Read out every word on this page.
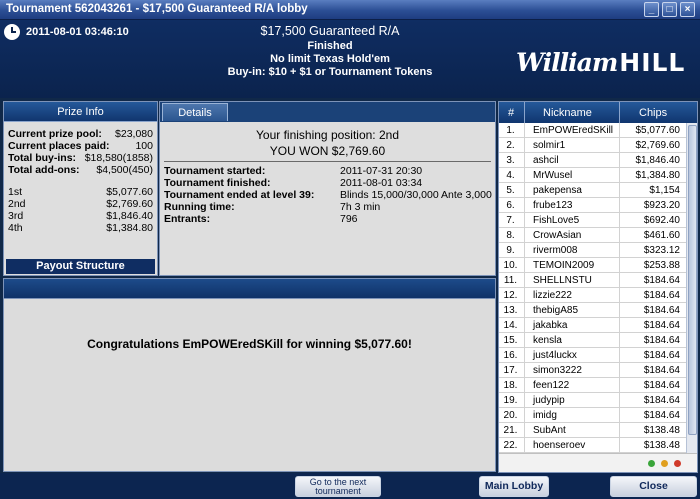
Tournament 562043261 - $17,500 Guaranteed R/A lobby	_	□	×
2011-08-01 03:46:10	$17,500 Guaranteed R/A
Finished
No limit Texas Hold'em
Buy-in: $10 + $1 or Tournament Tokens	WilliamHILL
Prize Info
Current prize pool: $23,080
Current places paid: 100
Total buy-ins: $18,580(1858)
Total add-ons: $4,500(450)
1st	$5,077.60
2nd	$2,769.60
3rd	$1,846.40
4th	$1,384.80
Payout Structure
Details
Your finishing position: 2nd
YOU WON $2,769.60
Tournament started:	2011-07-31 20:30
Tournament finished:	2011-08-01 03:34
Tournament ended at level 39: Blinds 15,000/30,000 Ante 3,000
Running time:	7h 3 min
Entrants:	796
Congratulations EmPOWEredSKill for winning $5,077.60!
#	Nickname	Chips
1.	EmPOWEredSKill	$5,077.60
2.	solmir1	$2,769.60
3.	ashcil	$1,846.40
4.	MrWusel	$1,384.80
5.	pakepensa	$1,154
6.	frube123	$923.20
7.	FishLove5	$692.40
8.	CrowAsian	$461.60
9.	riverm008	$323.12
10.	TEMOIN2009	$253.88
11.	SHELLNSTU	$184.64
12.	lizzie222	$184.64
13.	thebigA85	$184.64
14.	jakabka	$184.64
15.	kensla	$184.64
16.	just4luckx	$184.64
17.	simon3222	$184.64
18.	feen122	$184.64
19.	judypip	$184.64
20.	imidg	$184.64
21.	SubAnt	$138.48
22.	hoenseroev	$138.48
Go to the next
tournament	Main Lobby	Close
